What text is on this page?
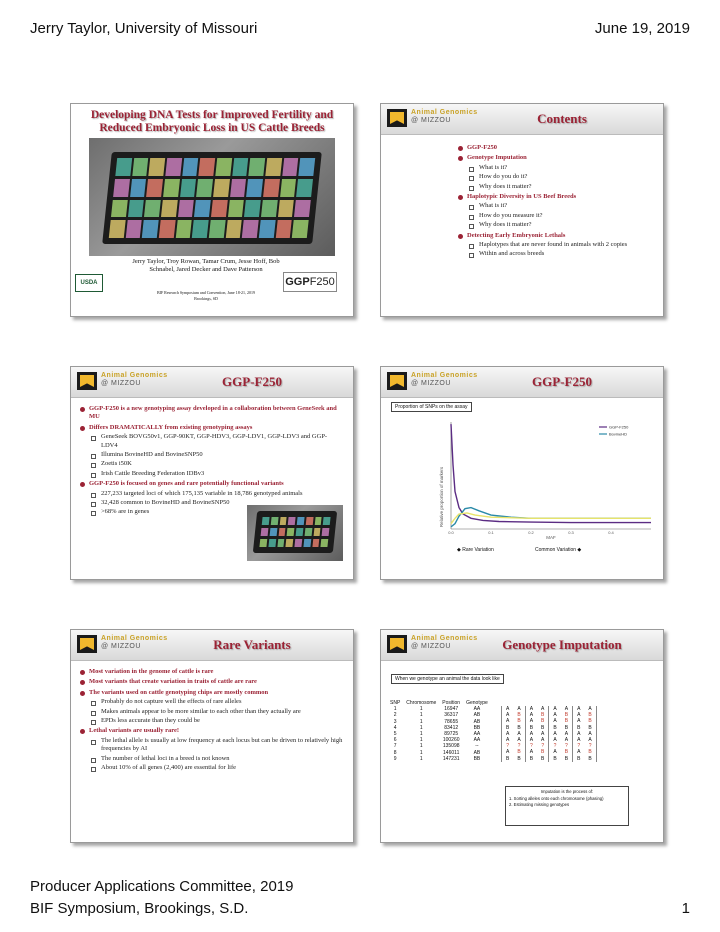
Jerry Taylor, University of Missouri	June 19, 2019
Developing DNA Tests for Improved Fertility and Reduced Embryonic Loss in US Cattle Breeds
Jerry Taylor, Troy Rowan, Tamar Crum, Jesse Hoff, Bob Schnabel, Jared Decker and Dave Patterson
BIF Research Symposium and Convention, June 18-21, 2019
Brookings, SD
USDA	GGPF250
Animal Genomics
@ MIZZOU	Contents
GGP-F250
Genotype Imputation
What is it?
How do you do it?
Why does it matter?
Haplotypic Diversity in US Beef Breeds
What is it?
How do you measure it?
Why does it matter?
Detecting Early Embryonic Lethals
Haplotypes that are never found in animals with 2 copies
Within and across breeds
Animal Genomics
@ MIZZOU	GGP-F250
GGP-F250 is a new genotyping assay developed in a collaboration between GeneSeek and MU
Differs DRAMATICALLY from existing genotyping assays
GeneSeek BOVG50v1, GGP-90KT, GGP-HDV3, GGP-LDV1, GGP-LDV3 and GGP-LDV4
Illumina BovineHD and BovineSNP50
Zoetis i50K
Irish Cattle Breeding Federation IDBv3
GGP-F250 is focused on genes and rare potentially functional variants
227,233 targeted loci of which 175,135 variable in 18,786 genotyped animals
32,428 common to BovineHD and BovineSNP50
>68% are in genes
Animal Genomics
@ MIZZOU	GGP-F250
Proportion of SNPs on the assay
0.0	0.1	0.2	0.3	0.4
GGP-F250
BovineHD
Relative proportion of markers
MAF
◆ Rare Variation	Common Variation ◆
Animal Genomics
@ MIZZOU	Rare Variants
Most variation in the genome of cattle is rare
Most variants that create variation in traits of cattle are rare
The variants used on cattle genotyping chips are mostly common
Probably do not capture well the effects of rare alleles
Makes animals appear to be more similar to each other than they actually are
EPDs less accurate than they could be
Lethal variants are usually rare!
The lethal allele is usually at low frequency at each locus but can be driven to relatively high frequencies by AI
The number of lethal loci in a breed is not known
About 10% of all genes (2,400) are essential for life
Animal Genomics
@ MIZZOU	Genotype Imputation
When we genotype an animal the data look like
SNP	Chromosome	Position	Genotype
1	1	16947	AA
2	1	36317	AB
3	1	78655	AB
4	1	83412	BB
5	1	89725	AA
6	1	100260	AA
7	1	135098	--
8	1	146011	AB
9	1	147231	BB
A	A	A	A	A	A	A	A
A	B	A	B	A	B	A	B
A	B	A	B	A	B	A	B
B	B	B	B	B	B	B	B
A	A	A	A	A	A	A	A
A	A	A	A	A	A	A	A
?	?	?	?	?	?	?	?
A	B	A	B	A	B	A	B
B	B	B	B	B	B	B	B
Imputation is the process of:
1. Sorting alleles onto each chromosome (phasing)
2. Estimating missing genotypes
Producer Applications Committee, 2019
BIF Symposium, Brookings, S.D.	1
